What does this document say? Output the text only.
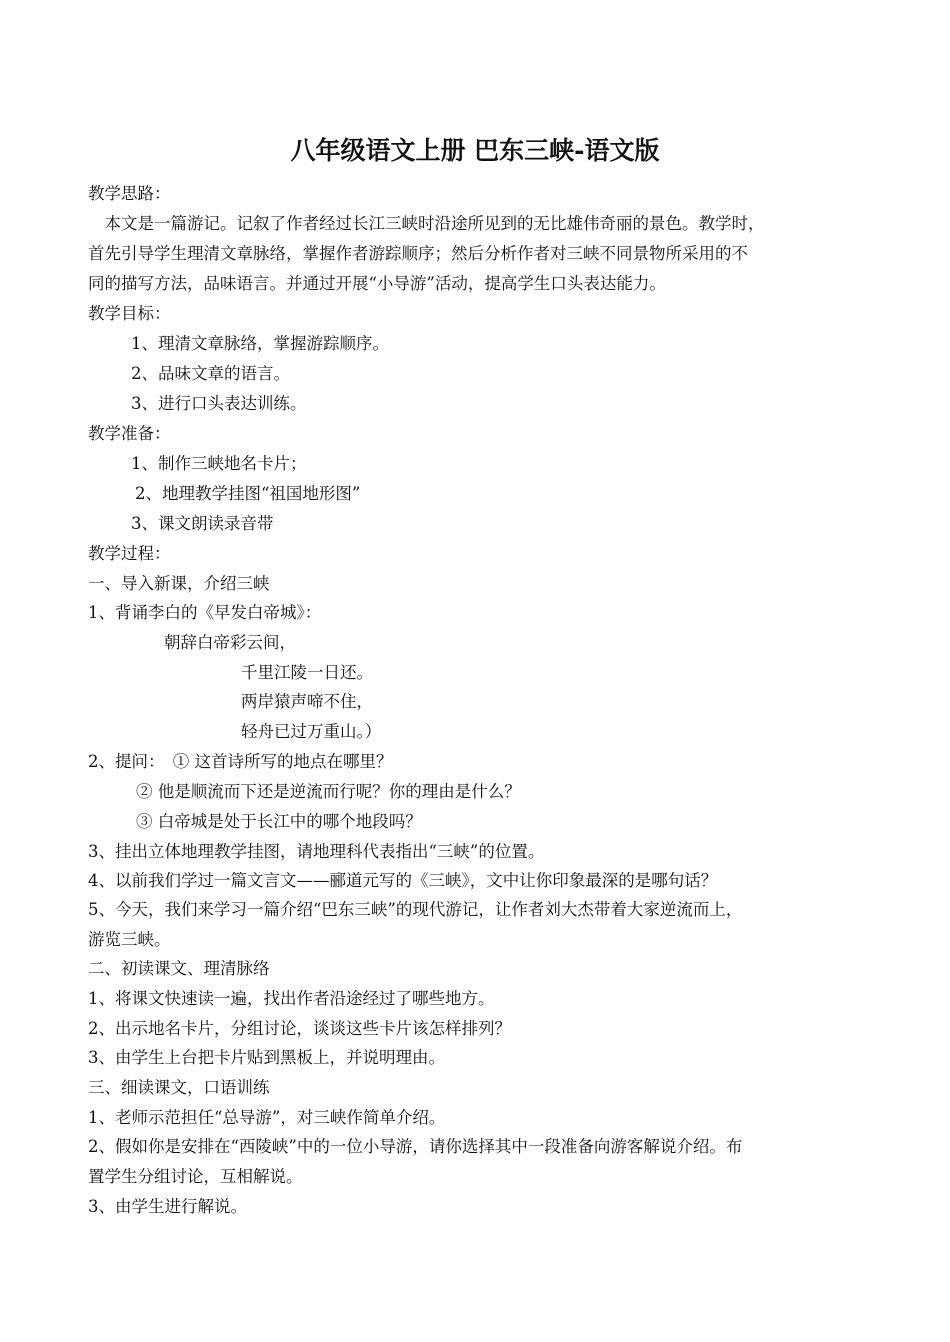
八年级语文上册 巴东三峡-语文版
教学思路：
　本文是一篇游记。记叙了作者经过长江三峡时沿途所见到的无比雄伟奇丽的景色。教学时，
首先引导学生理清文章脉络，掌握作者游踪顺序；然后分析作者对三峡不同景物所采用的不
同的描写方法，品味语言。并通过开展“小导游”活动，提高学生口头表达能力。
教学目标：
1、理清文章脉络，掌握游踪顺序。
2、品味文章的语言。
3、进行口头表达训练。
教学准备：
1、制作三峡地名卡片；
2、地理教学挂图“祖国地形图”
3、课文朗读录音带
教学过程：
一、导入新课，介绍三峡
1、背诵李白的《早发白帝城》：
朝辞白帝彩云间，
千里江陵一日还。
两岸猿声啼不住，
轻舟已过万重山。）
2、提问：　① 这首诗所写的地点在哪里？
② 他是顺流而下还是逆流而行呢？你的理由是什么？
③ 白帝城是处于长江中的哪个地段吗？
3、挂出立体地理教学挂图，请地理科代表指出“三峡”的位置。
4、以前我们学过一篇文言文——郦道元写的《三峡》，文中让你印象最深的是哪句话？
5、今天，我们来学习一篇介绍“巴东三峡”的现代游记，让作者刘大杰带着大家逆流而上，
游览三峡。
二、初读课文、理清脉络
1、将课文快速读一遍，找出作者沿途经过了哪些地方。
2、出示地名卡片，分组讨论，谈谈这些卡片该怎样排列？
3、由学生上台把卡片贴到黑板上，并说明理由。
三、细读课文，口语训练
1、老师示范担任“总导游”，对三峡作简单介绍。
2、假如你是安排在“西陵峡”中的一位小导游，请你选择其中一段准备向游客解说介绍。布
置学生分组讨论，互相解说。
3、由学生进行解说。
